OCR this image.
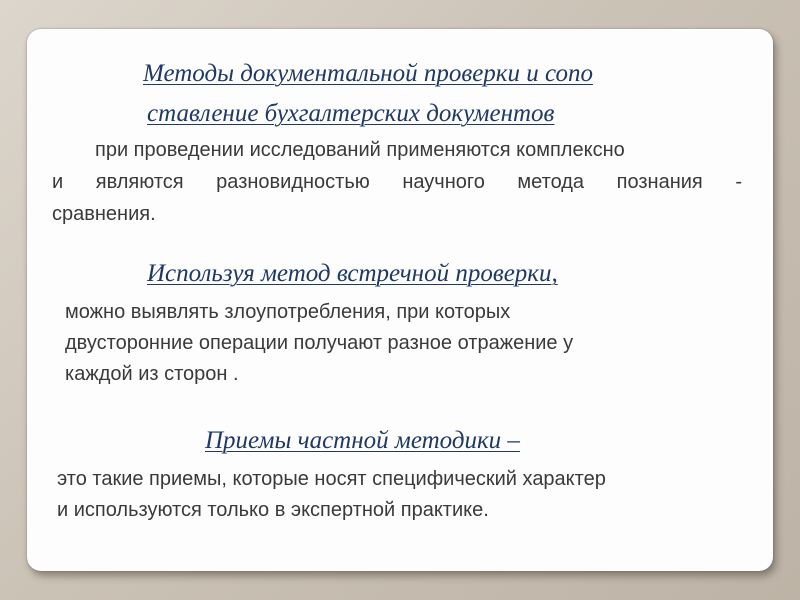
Методы документальной проверки и сопо
ставление бухгалтерских документов

при проведении исследований применяются комплексно

и являются разновидностью научного метода познания -

сравнения.

Используя метод встречной проверки,

можно выявлять злоупотребления, при которых

двусторонние операции получают разное отражение у

каждой из сторон .

Приемы частной методики –

это такие приемы, которые носят специфический характер

и используются только в экспертной практике.
